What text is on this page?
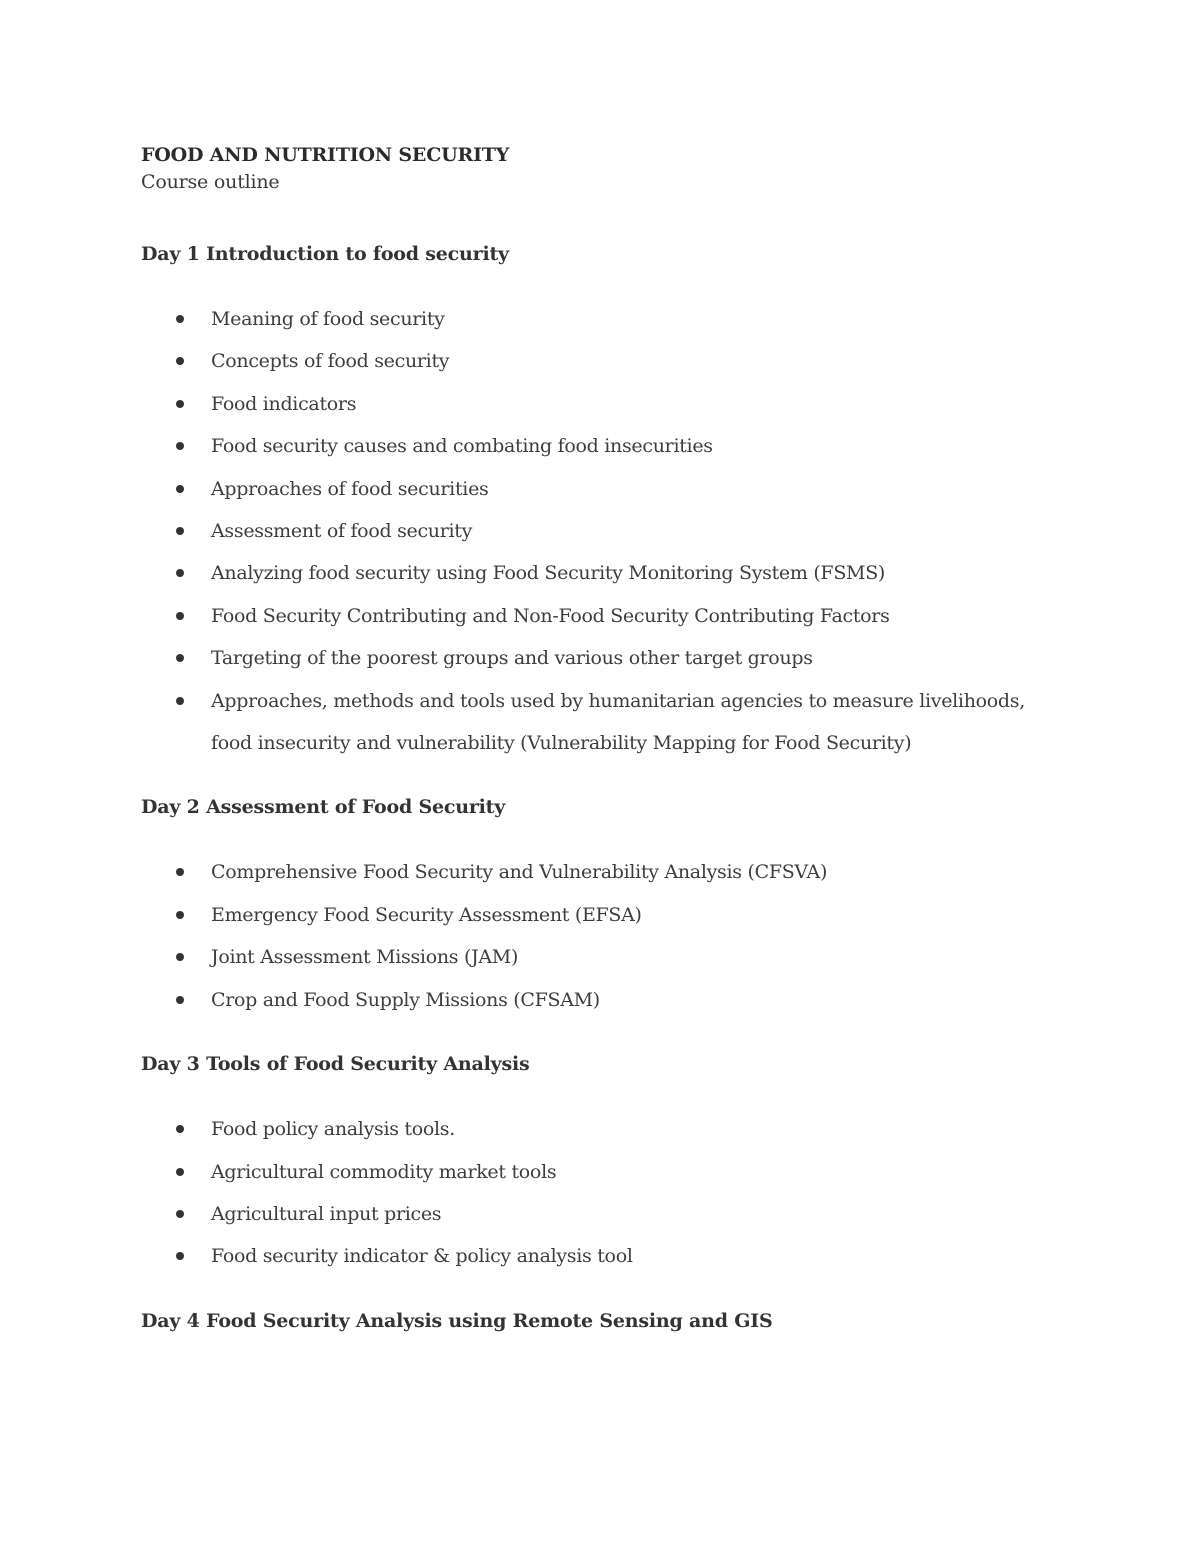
FOOD AND NUTRITION SECURITY

Course outline

Day 1 Introduction to food security

Meaning of food security
Concepts of food security
Food indicators
Food security causes and combating food insecurities
Approaches of food securities
Assessment of food security
Analyzing food security using Food Security Monitoring System (FSMS)
Food Security Contributing and Non-Food Security Contributing Factors
Targeting of the poorest groups and various other target groups
Approaches, methods and tools used by humanitarian agencies to measure livelihoods, food insecurity and vulnerability (Vulnerability Mapping for Food Security)

Day 2 Assessment of Food Security

Comprehensive Food Security and Vulnerability Analysis (CFSVA)
Emergency Food Security Assessment (EFSA)
Joint Assessment Missions (JAM)
Crop and Food Supply Missions (CFSAM)

Day 3 Tools of Food Security Analysis

Food policy analysis tools.
Agricultural commodity market tools
Agricultural input prices
Food security indicator & policy analysis tool

Day 4 Food Security Analysis using Remote Sensing and GIS
